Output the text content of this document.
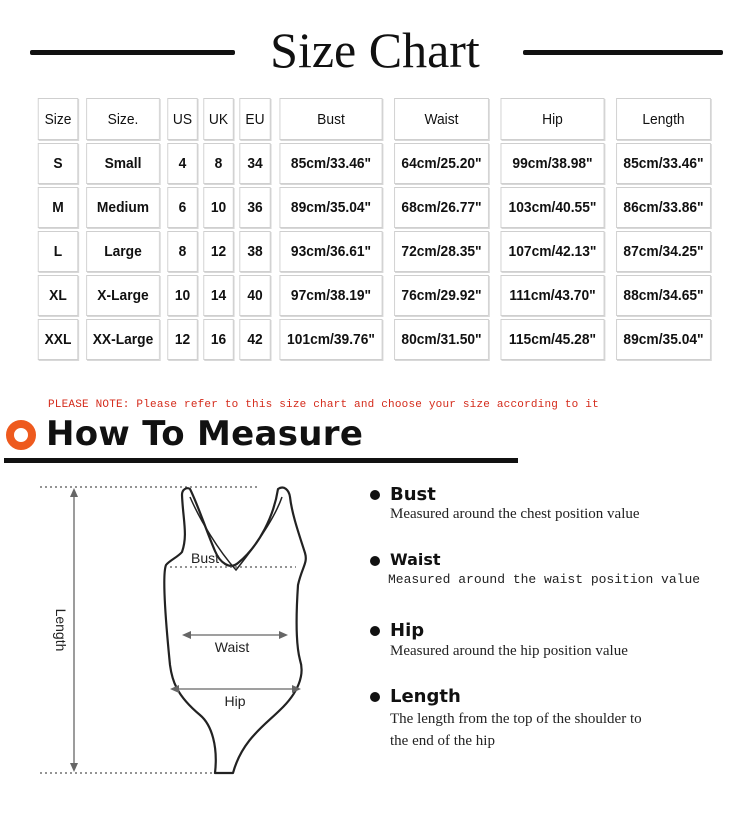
Size Chart
Size	Size.	US	UK	EU	Bust	Waist	Hip	Length
S	Small	4	8	34	85cm/33.46"	64cm/25.20"	99cm/38.98"	85cm/33.46"
M	Medium	6	10	36	89cm/35.04"	68cm/26.77"	103cm/40.55"	86cm/33.86"
L	Large	8	12	38	93cm/36.61"	72cm/28.35"	107cm/42.13"	87cm/34.25"
XL	X-Large	10	14	40	97cm/38.19"	76cm/29.92"	111cm/43.70"	88cm/34.65"
XXL	XX-Large	12	16	42	101cm/39.76"	80cm/31.50"	115cm/45.28"	89cm/35.04"
PLEASE NOTE: Please refer to this size chart and choose your size according to it
How To Measure
Length
Bust
Waist
Hip
Bust
Measured around the chest position value
Waist
Measured around the waist position value
Hip
Measured around the hip position value
Length
The length from the top of the shoulder to
the end of the hip
